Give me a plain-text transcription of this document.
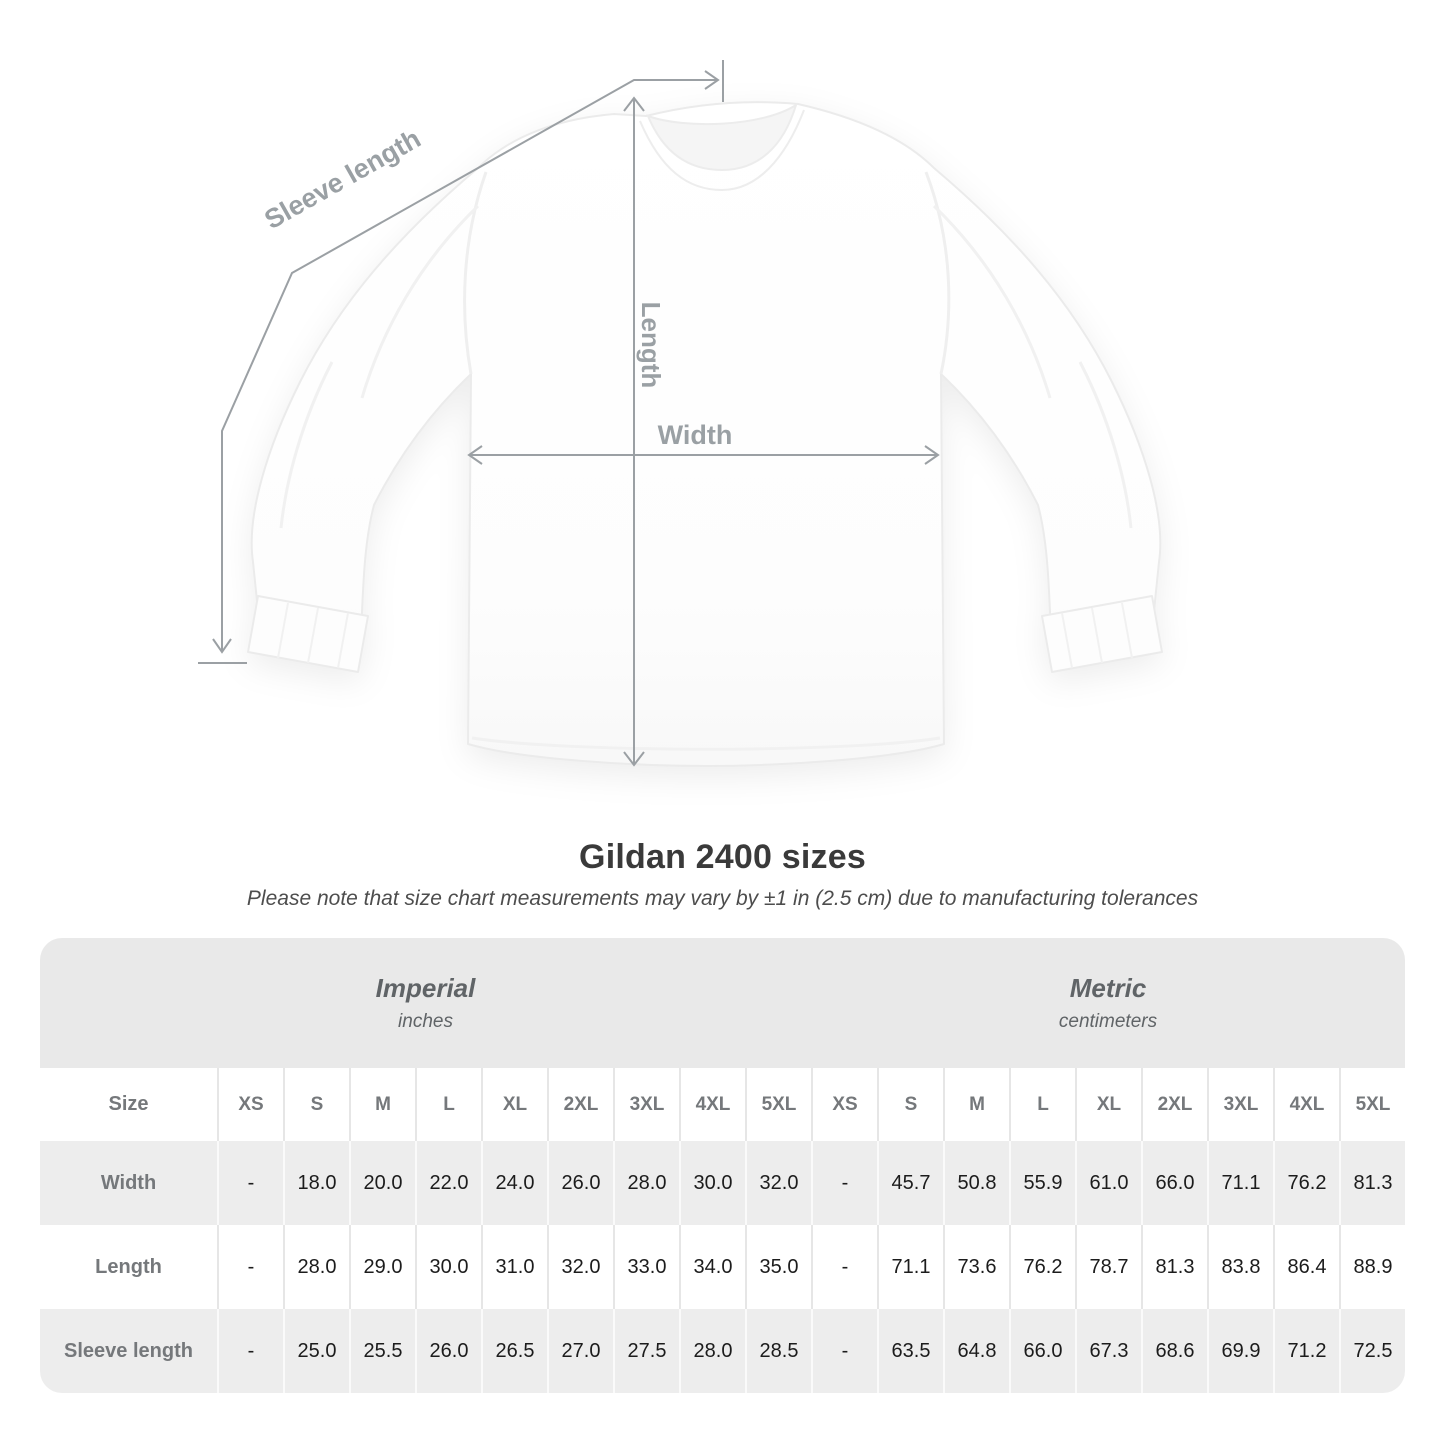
Sleeve length
Length
Width
Gildan 2400 sizes

Please note that size chart measurements may vary by ±1 in (2.5 cm) due to manufacturing tolerances

Imperial
inches
Metric
centimeters
Size	XS	S	M	L	XL	2XL	3XL	4XL	5XL	XS	S	M	L	XL	2XL	3XL	4XL	5XL
Width	-	18.0	20.0	22.0	24.0	26.0	28.0	30.0	32.0	-	45.7	50.8	55.9	61.0	66.0	71.1	76.2	81.3
Length	-	28.0	29.0	30.0	31.0	32.0	33.0	34.0	35.0	-	71.1	73.6	76.2	78.7	81.3	83.8	86.4	88.9
Sleeve length	-	25.0	25.5	26.0	26.5	27.0	27.5	28.0	28.5	-	63.5	64.8	66.0	67.3	68.6	69.9	71.2	72.5
